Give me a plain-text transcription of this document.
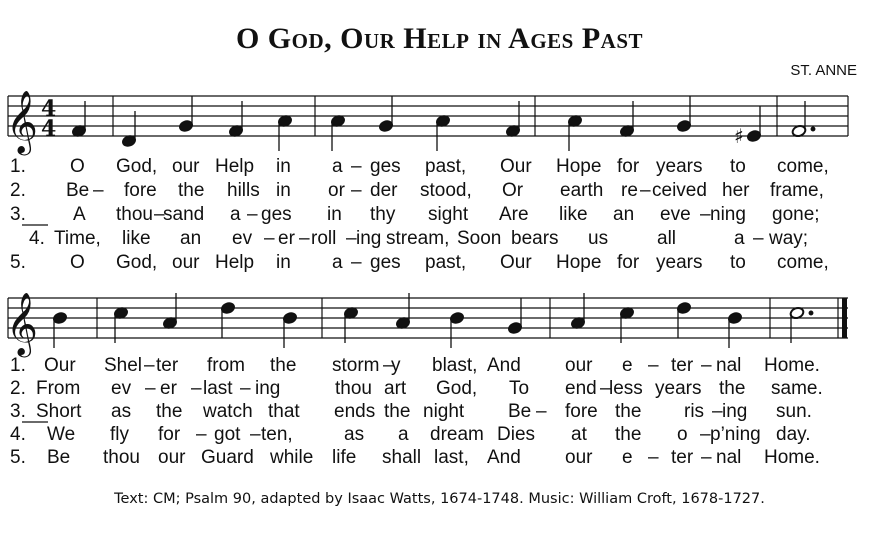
O God, Our Help in Ages Past
ST. ANNE
𝄞 4
4	♯
𝄞
1. O God, our Help in a – ges past, Our Hope for years to come,
2. Be – fore the hills in or – der stood, Or earth re – ceived her frame,
3. A thou –
sand a – ges in thy sight Are like an eve – ning gone;
4. Time, like an ev – er – roll – ing stream, Soon bears us	all	a – way;
5. O God, our Help in a – ges past, Our Hope for years to come,
1. Our Shel – ter from the storm –
y blast, And our e – ter – nal Home.
2. From ev – er – last – ing	thou art God, To end –
less years the same.
3. Short as the watch that ends the night Be – fore the ris – ing sun.
4. We fly for – got – ten,	as a dream Dies at the o – p’ning day.
5. Be thou our Guard while life shall last, And our e – ter – nal Home.
Text: CM; Psalm 90, adapted by Isaac Watts, 1674-1748. Music: William Croft, 1678-1727.
